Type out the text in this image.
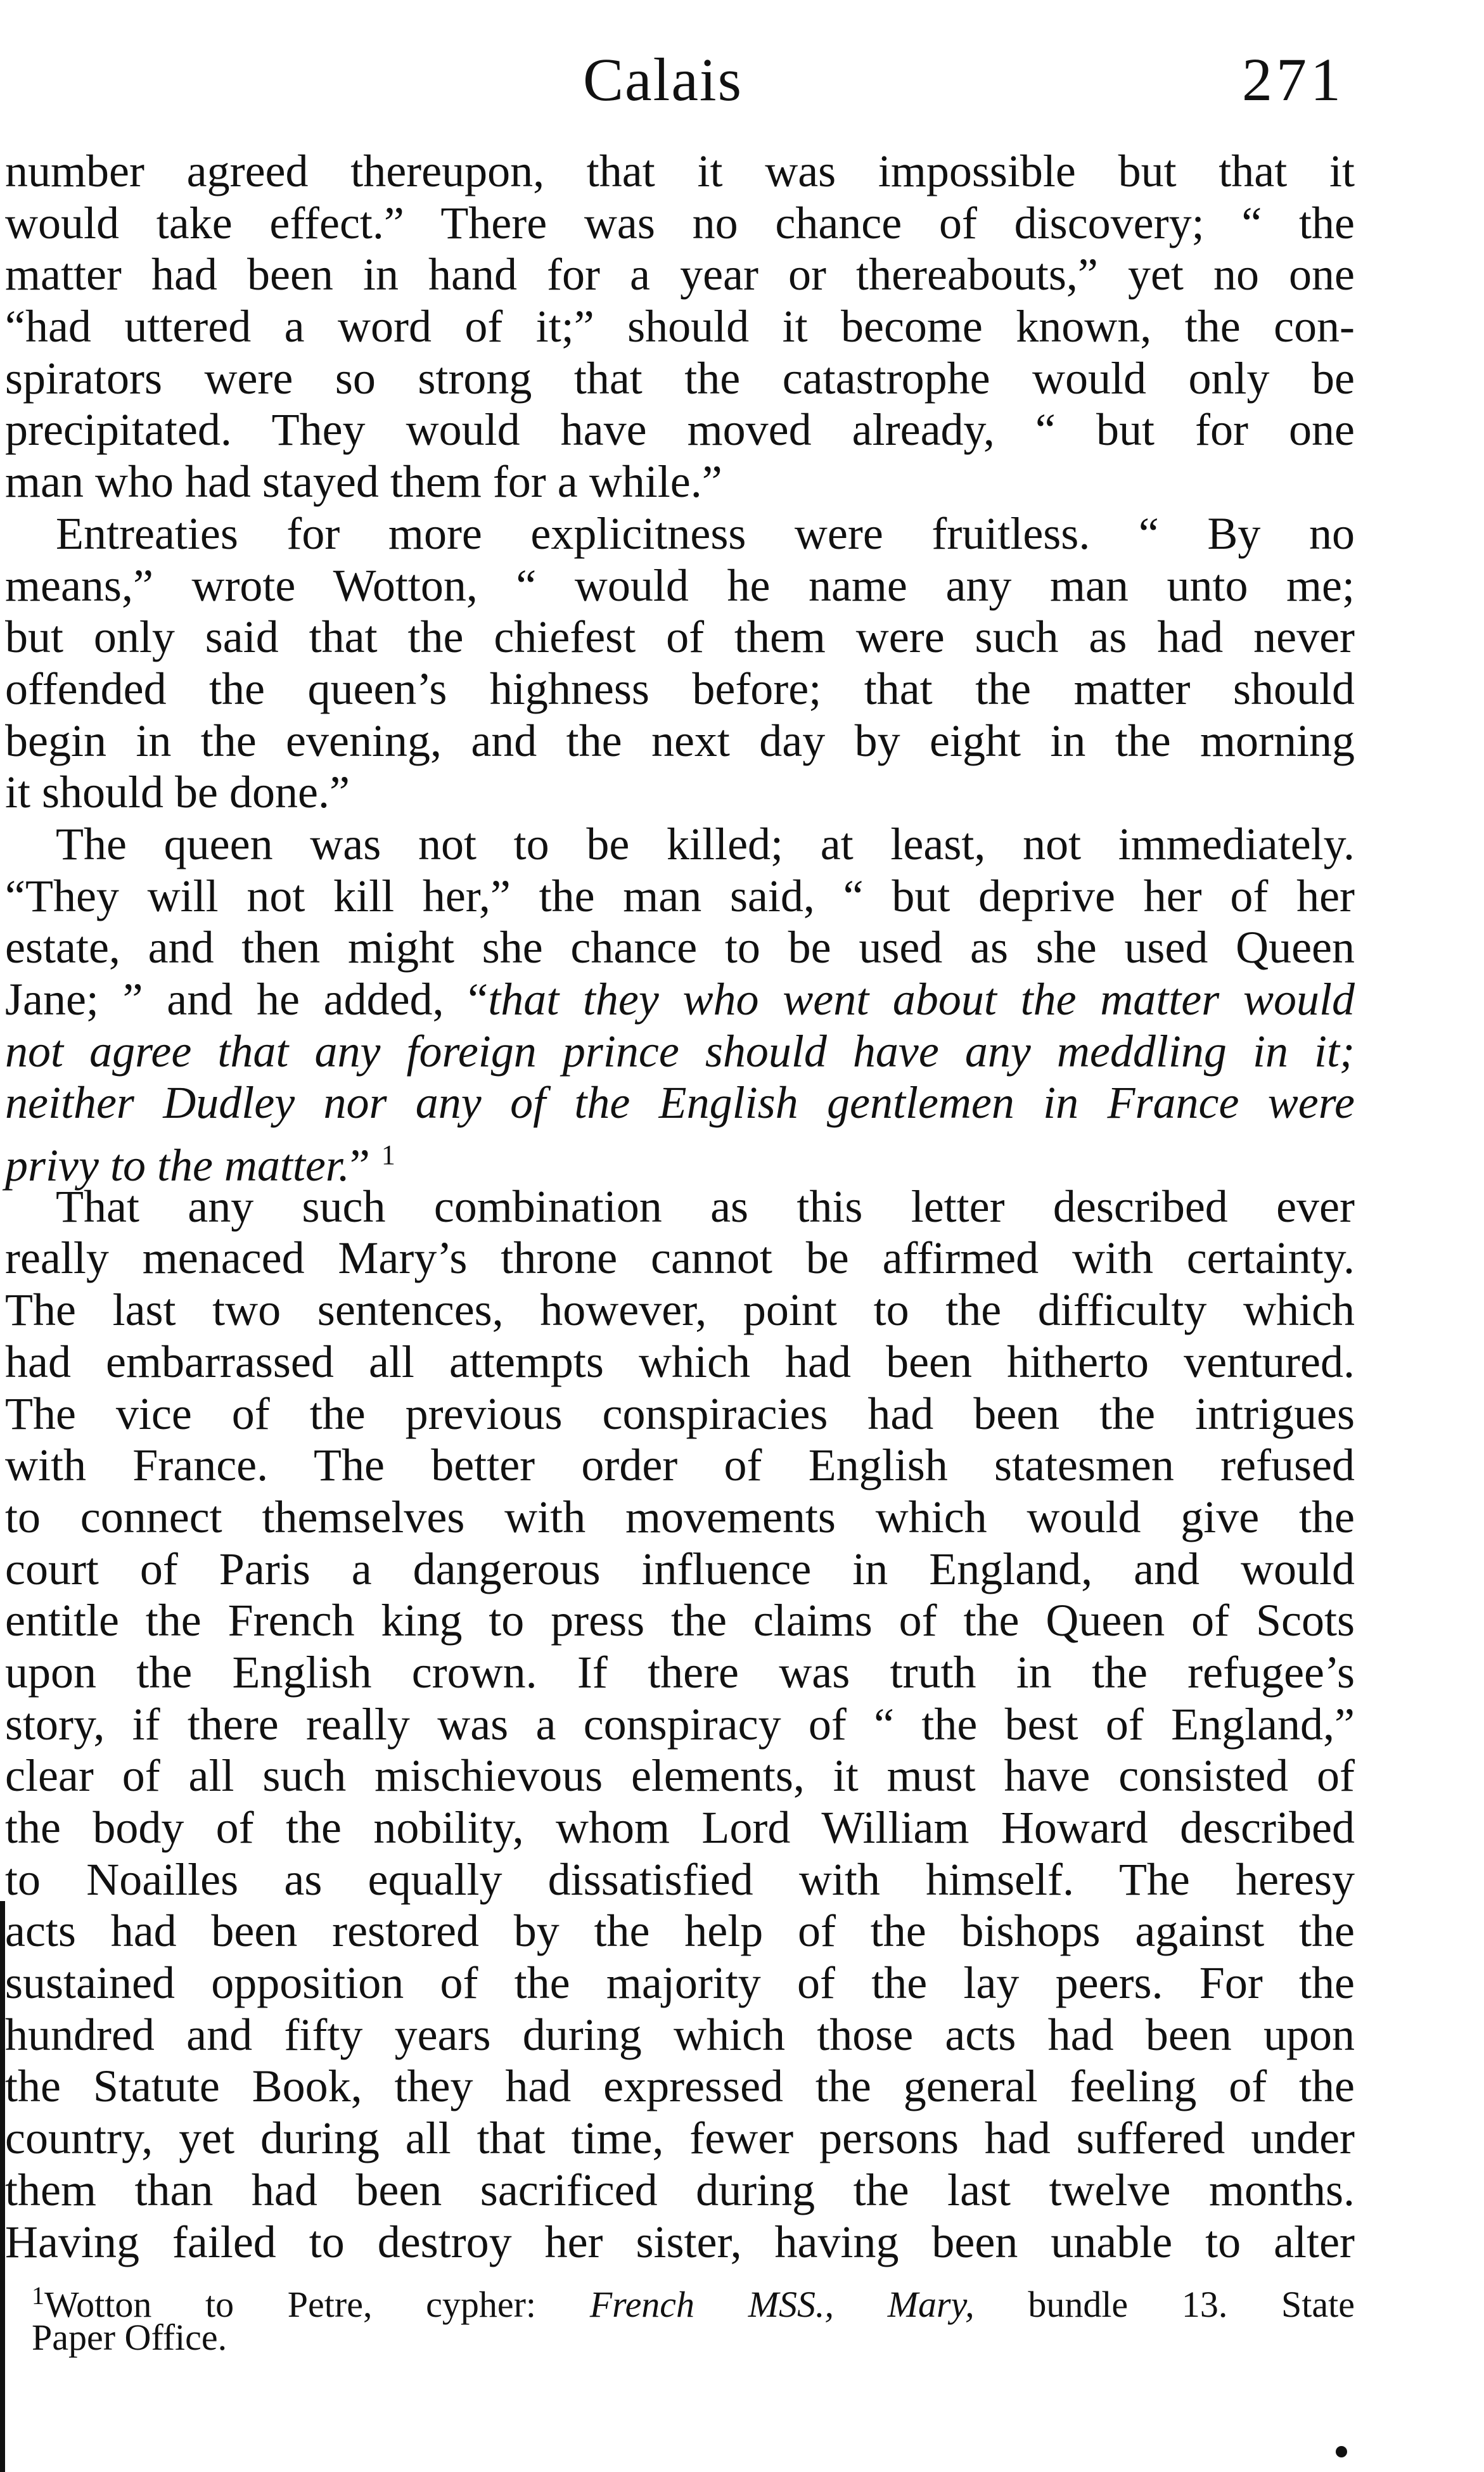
Calais	271
number agreed thereupon, that it was impossible but that it
would take effect.” There was no chance of discovery; “ the
matter had been in hand for a year or thereabouts,” yet no one
“had uttered a word of it;” should it become known, the con-
spirators were so strong that the catastrophe would only be
precipitated. They would have moved already, “ but for one
man who had stayed them for a while.”
Entreaties for more explicitness were fruitless. “ By no
means,” wrote Wotton, “ would he name any man unto me;
but only said that the chiefest of them were such as had never
offended the queen’s highness before; that the matter should
begin in the evening, and the next day by eight in the morning
it should be done.”
The queen was not to be killed; at least, not immediately.
“They will not kill her,” the man said, “ but deprive her of her
estate, and then might she chance to be used as she used Queen
Jane; ” and he added, “that they who went about the matter would
not agree that any foreign prince should have any meddling in it;
neither Dudley nor any of the English gentlemen in France were
privy to the matter.” $^1$
That any such combination as this letter described ever
really menaced Mary’s throne cannot be affirmed with certainty.
The last two sentences, however, point to the difficulty which
had embarrassed all attempts which had been hitherto ventured.
The vice of the previous conspiracies had been the intrigues
with France. The better order of English statesmen refused
to connect themselves with movements which would give the
court of Paris a dangerous influence in England, and would
entitle the French king to press the claims of the Queen of Scots
upon the English crown. If there was truth in the refugee’s
story, if there really was a conspiracy of “ the best of England,”
clear of all such mischievous elements, it must have consisted of
the body of the nobility, whom Lord William Howard described
to Noailles as equally dissatisfied with himself. The heresy
acts had been restored by the help of the bishops against the
sustained opposition of the majority of the lay peers. For the
hundred and fifty years during which those acts had been upon
the Statute Book, they had expressed the general feeling of the
country, yet during all that time, fewer persons had suffered under
them than had been sacrificed during the last twelve months.
Having failed to destroy her sister, having been unable to alter
$^1$Wotton to Petre, cypher: French MSS., Mary, bundle 13. State
Paper Office.
